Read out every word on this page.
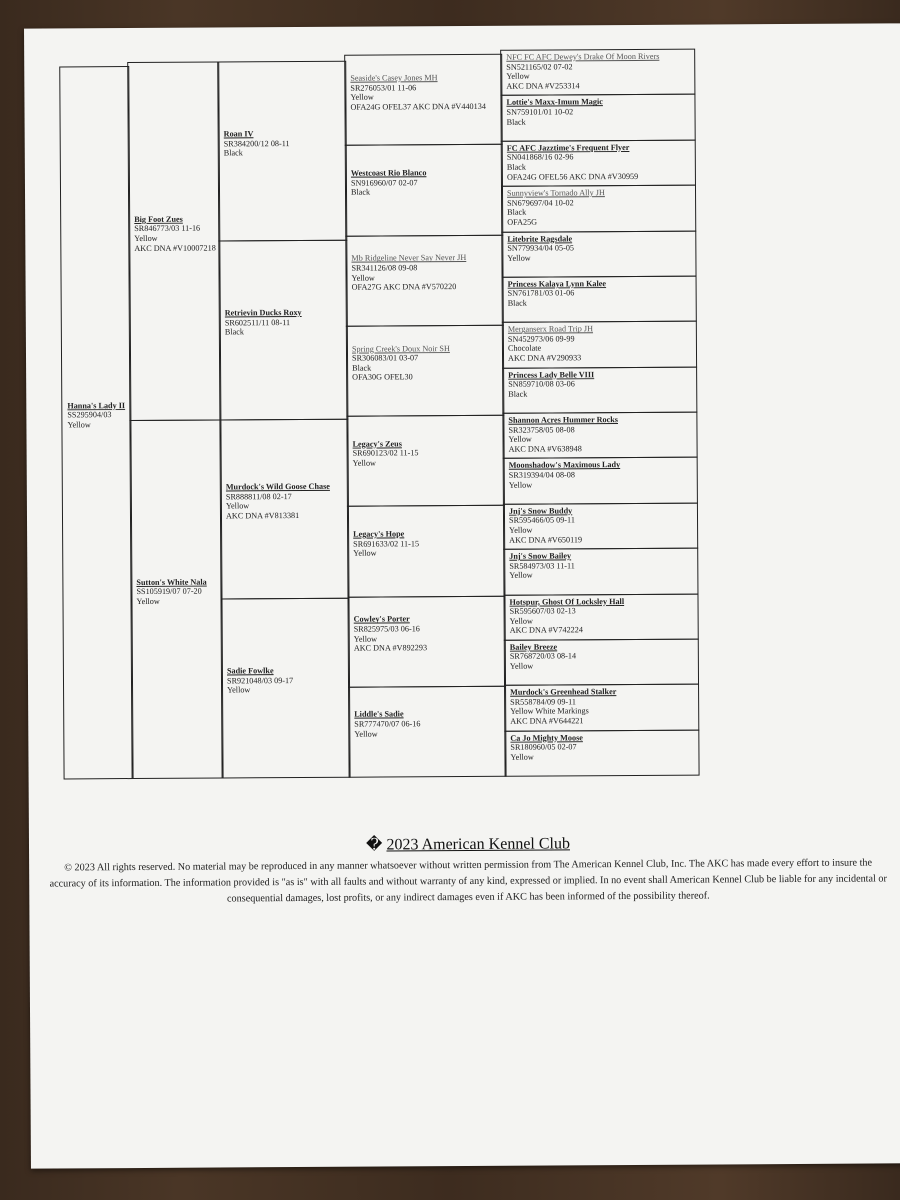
Hanna's Lady II
SS295904/03
Yellow
Big Foot Zues
SR846773/03 11-16
Yellow
AKC DNA #V10007218
Sutton's White Nala
SS105919/07 07-20
Yellow
Roan IV
SR384200/12 08-11
Black
Retrievin Ducks Roxy
SR602511/11 08-11
Black
Murdock's Wild Goose Chase
SR888811/08 02-17
Yellow
AKC DNA #V813381
Sadie Fowlke
SR921048/03 09-17
Yellow
Seaside's Casey Jones MH
SR276053/01 11-06
Yellow
OFA24G OFEL37 AKC DNA #V440134
Westcoast Rio Blanco
SN916960/07 02-07
Black
Mb Ridgeline Never Say Never JH
SR341126/08 09-08
Yellow
OFA27G AKC DNA #V570220
Spring Creek's Doux Noir SH
SR306083/01 03-07
Black
OFA30G OFEL30
Legacy's Zeus
SR690123/02 11-15
Yellow
Legacy's Hope
SR691633/02 11-15
Yellow
Cowley's Porter
SR825975/03 06-16
Yellow
AKC DNA #V892293
Liddle's Sadie
SR777470/07 06-16
Yellow
NFC FC AFC Dewey's Drake Of Moon Rivers
SN521165/02 07-02
Yellow
AKC DNA #V253314
Lottie's Maxx-Imum Magic
SN759101/01 10-02
Black
FC AFC Jazztime's Frequent Flyer
SN041868/16 02-96
Black
OFA24G OFEL56 AKC DNA #V30959
Sunnyview's Tornado Ally JH
SN679697/04 10-02
Black
OFA25G
Litebrite Ragsdale
SN779934/04 05-05
Yellow
Princess Kalaya Lynn Kalee
SN761781/03 01-06
Black
Merganserx Road Trip JH
SN452973/06 09-99
Chocolate
AKC DNA #V290933
Princess Lady Belle VIII
SN859710/08 03-06
Black
Shannon Acres Hummer Rocks
SR323758/05 08-08
Yellow
AKC DNA #V638948
Moonshadow's Maximous Lady
SR319394/04 08-08
Yellow
Jnj's Snow Buddy
SR595466/05 09-11
Yellow
AKC DNA #V650119
Jnj's Snow Bailey
SR584973/03 11-11
Yellow
Hotspur, Ghost Of Locksley Hall
SR595607/03 02-13
Yellow
AKC DNA #V742224
Bailey Breeze
SR768720/03 08-14
Yellow
Murdock's Greenhead Stalker
SR558784/09 09-11
Yellow White Markings
AKC DNA #V644221
Ca Jo Mighty Moose
SR180960/05 02-07
Yellow
� 2023 American Kennel Club
© 2023 All rights reserved. No material may be reproduced in any manner whatsoever without written permission from The American Kennel Club, Inc. The AKC has made every effort to insure the accuracy of its information. The information provided is "as is" with all faults and without warranty of any kind, expressed or implied. In no event shall American Kennel Club be liable for any incidental or consequential damages, lost profits, or any indirect damages even if AKC has been informed of the possibility thereof.
